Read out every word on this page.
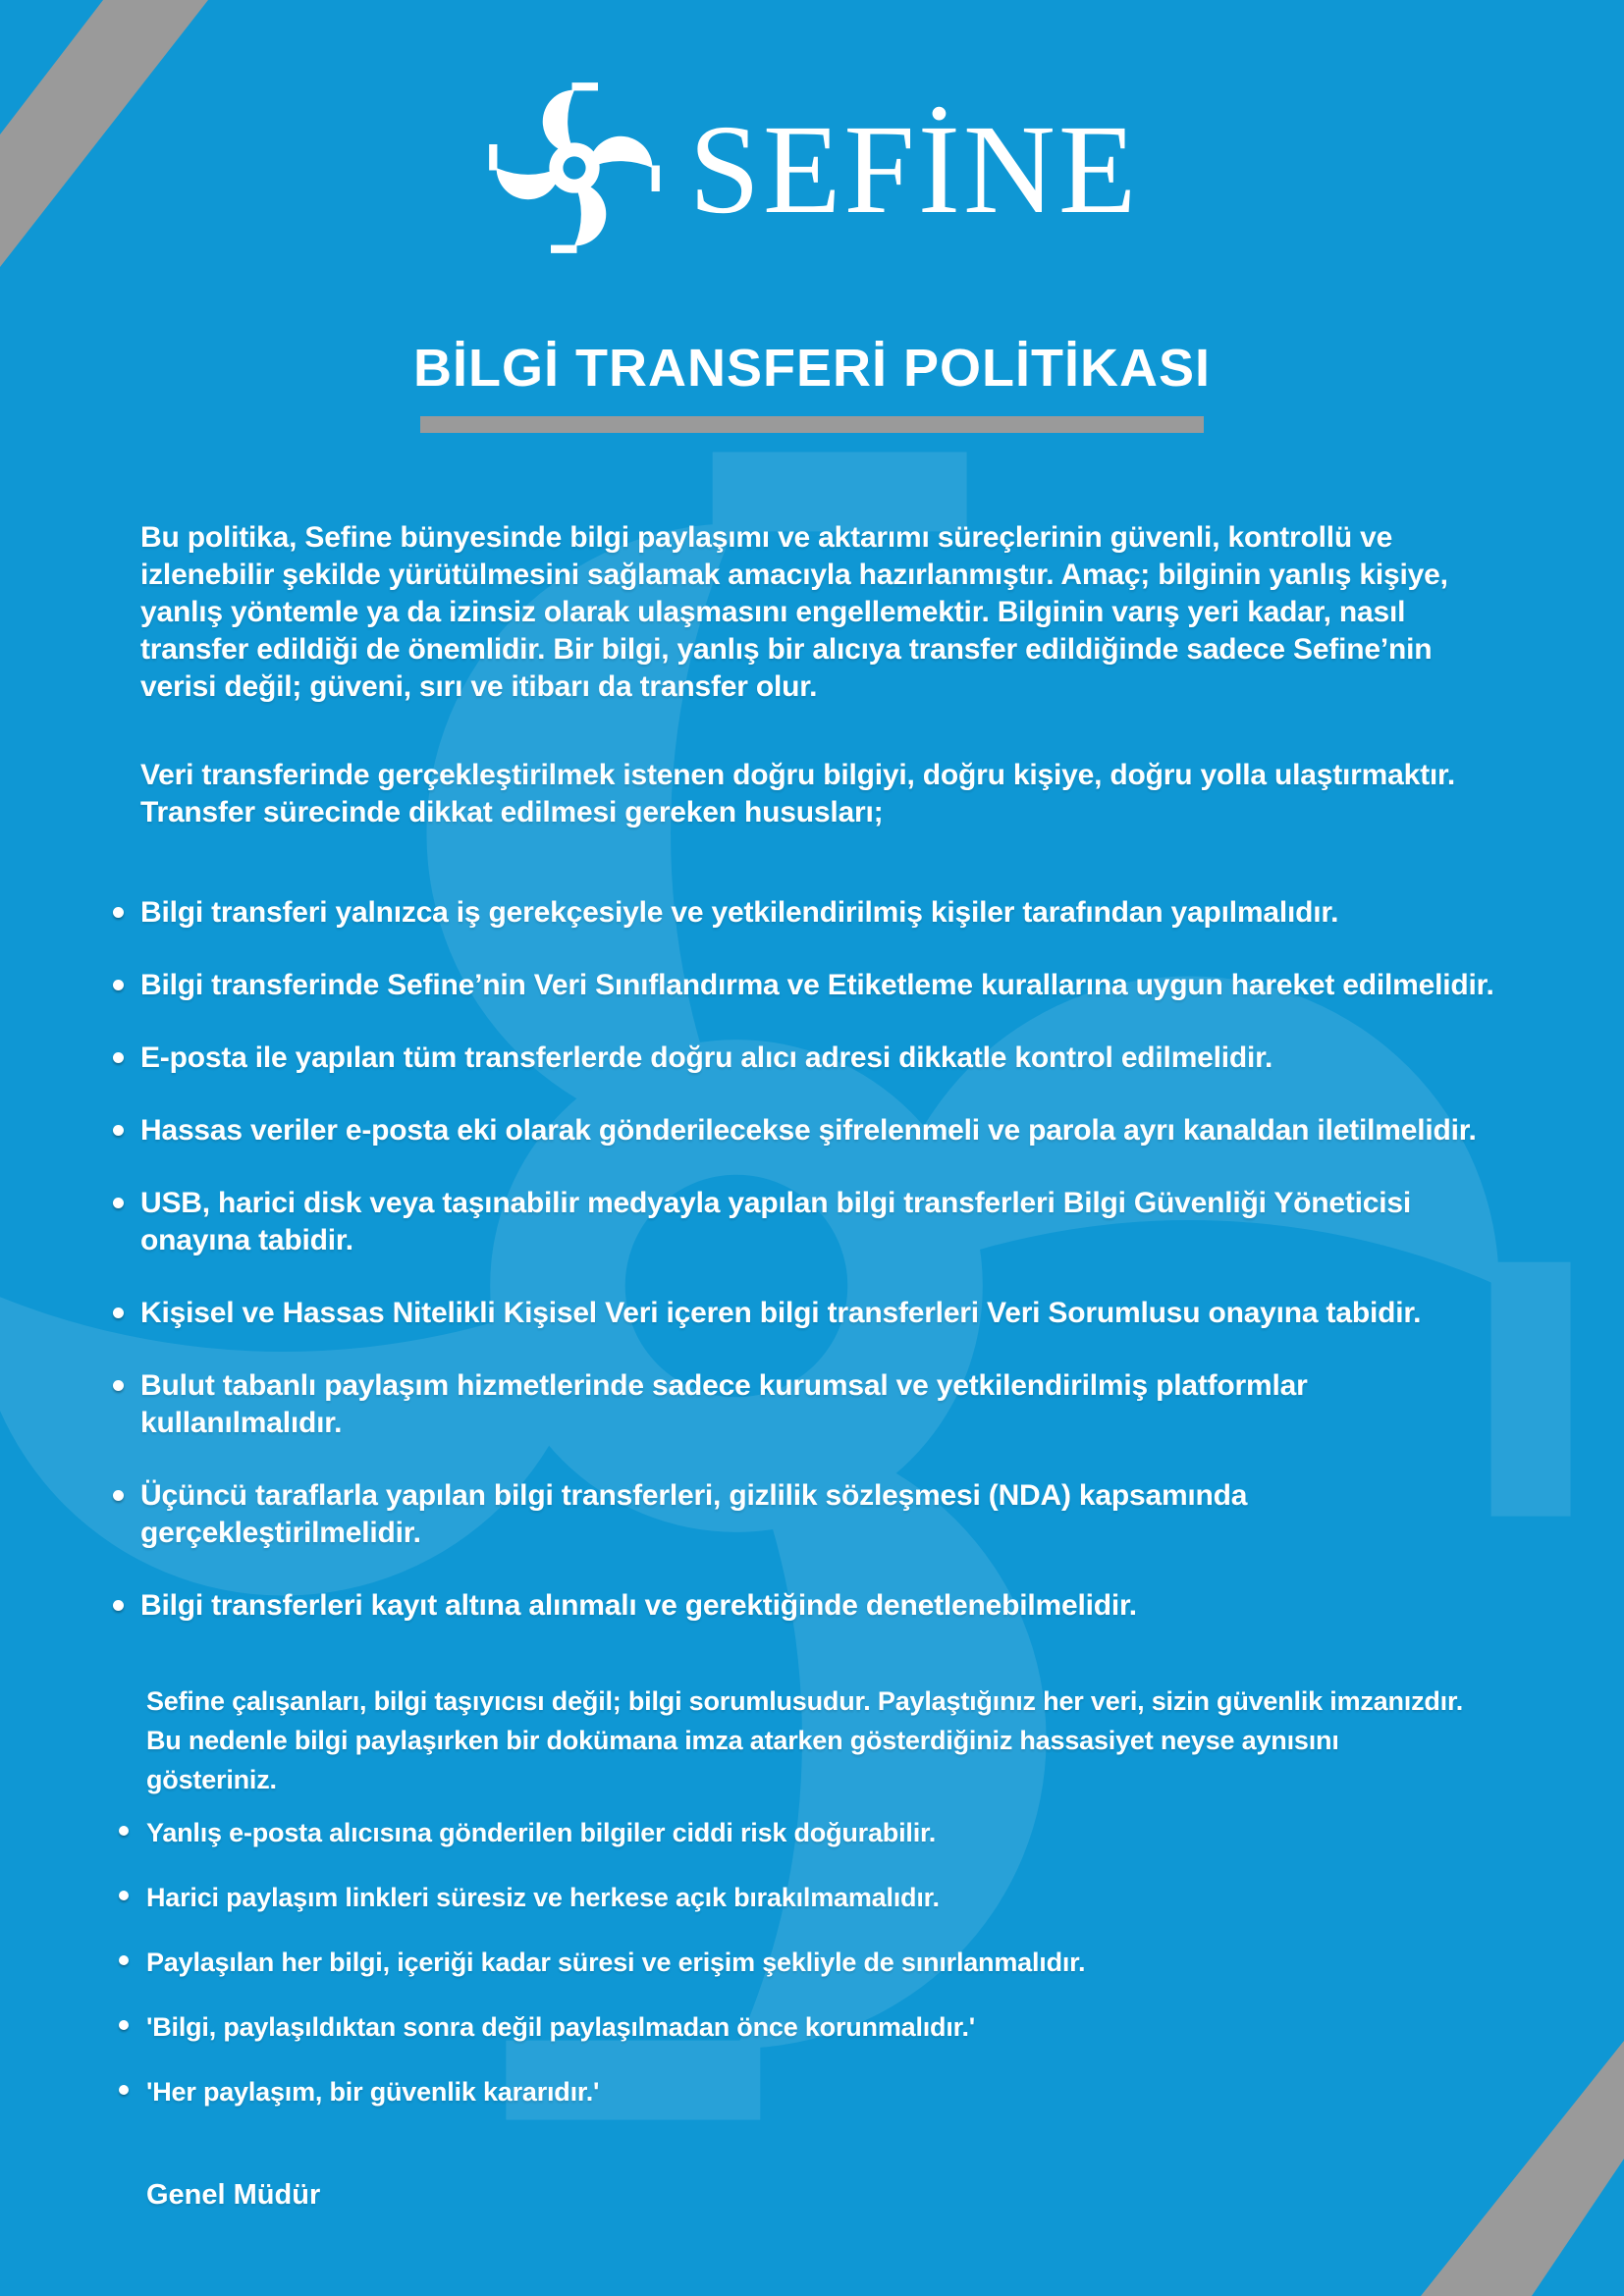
SEFİNE
BİLGİ TRANSFERİ POLİTİKASI

Bu politika, Sefine bünyesinde bilgi paylaşımı ve aktarımı süreçlerinin güvenli, kontrollü ve izlenebilir şekilde yürütülmesini sağlamak amacıyla hazırlanmıştır. Amaç; bilginin yanlış kişiye, yanlış yöntemle ya da izinsiz olarak ulaşmasını engellemektir. Bilginin varış yeri kadar, nasıl transfer edildiği de önemlidir. Bir bilgi, yanlış bir alıcıya transfer edildiğinde sadece Sefine’nin verisi değil; güveni, sırı ve itibarı da transfer olur.

Veri transferinde gerçekleştirilmek istenen doğru bilgiyi, doğru kişiye, doğru yolla ulaştırmaktır. Transfer sürecinde dikkat edilmesi gereken hususları;

Bilgi transferi yalnızca iş gerekçesiyle ve yetkilendirilmiş kişiler tarafından yapılmalıdır.
Bilgi transferinde Sefine’nin Veri Sınıflandırma ve Etiketleme kurallarına uygun hareket edilmelidir.
E-posta ile yapılan tüm transferlerde doğru alıcı adresi dikkatle kontrol edilmelidir.
Hassas veriler e-posta eki olarak gönderilecekse şifrelenmeli ve parola ayrı kanaldan iletilmelidir.
USB, harici disk veya taşınabilir medyayla yapılan bilgi transferleri Bilgi Güvenliği Yöneticisi onayına tabidir.
Kişisel ve Hassas Nitelikli Kişisel Veri içeren bilgi transferleri Veri Sorumlusu onayına tabidir.
Bulut tabanlı paylaşım hizmetlerinde sadece kurumsal ve yetkilendirilmiş platformlar kullanılmalıdır.
Üçüncü taraflarla yapılan bilgi transferleri, gizlilik sözleşmesi (NDA) kapsamında gerçekleştirilmelidir.
Bilgi transferleri kayıt altına alınmalı ve gerektiğinde denetlenebilmelidir.

Sefine çalışanları, bilgi taşıyıcısı değil; bilgi sorumlusudur. Paylaştığınız her veri, sizin güvenlik imzanızdır. Bu nedenle bilgi paylaşırken bir dokümana imza atarken gösterdiğiniz hassasiyet neyse aynısını gösteriniz.

Yanlış e-posta alıcısına gönderilen bilgiler ciddi risk doğurabilir.
Harici paylaşım linkleri süresiz ve herkese açık bırakılmamalıdır.
Paylaşılan her bilgi, içeriği kadar süresi ve erişim şekliyle de sınırlanmalıdır.
'Bilgi, paylaşıldıktan sonra değil paylaşılmadan önce korunmalıdır.'
'Her paylaşım, bir güvenlik kararıdır.'
Genel Müdür
